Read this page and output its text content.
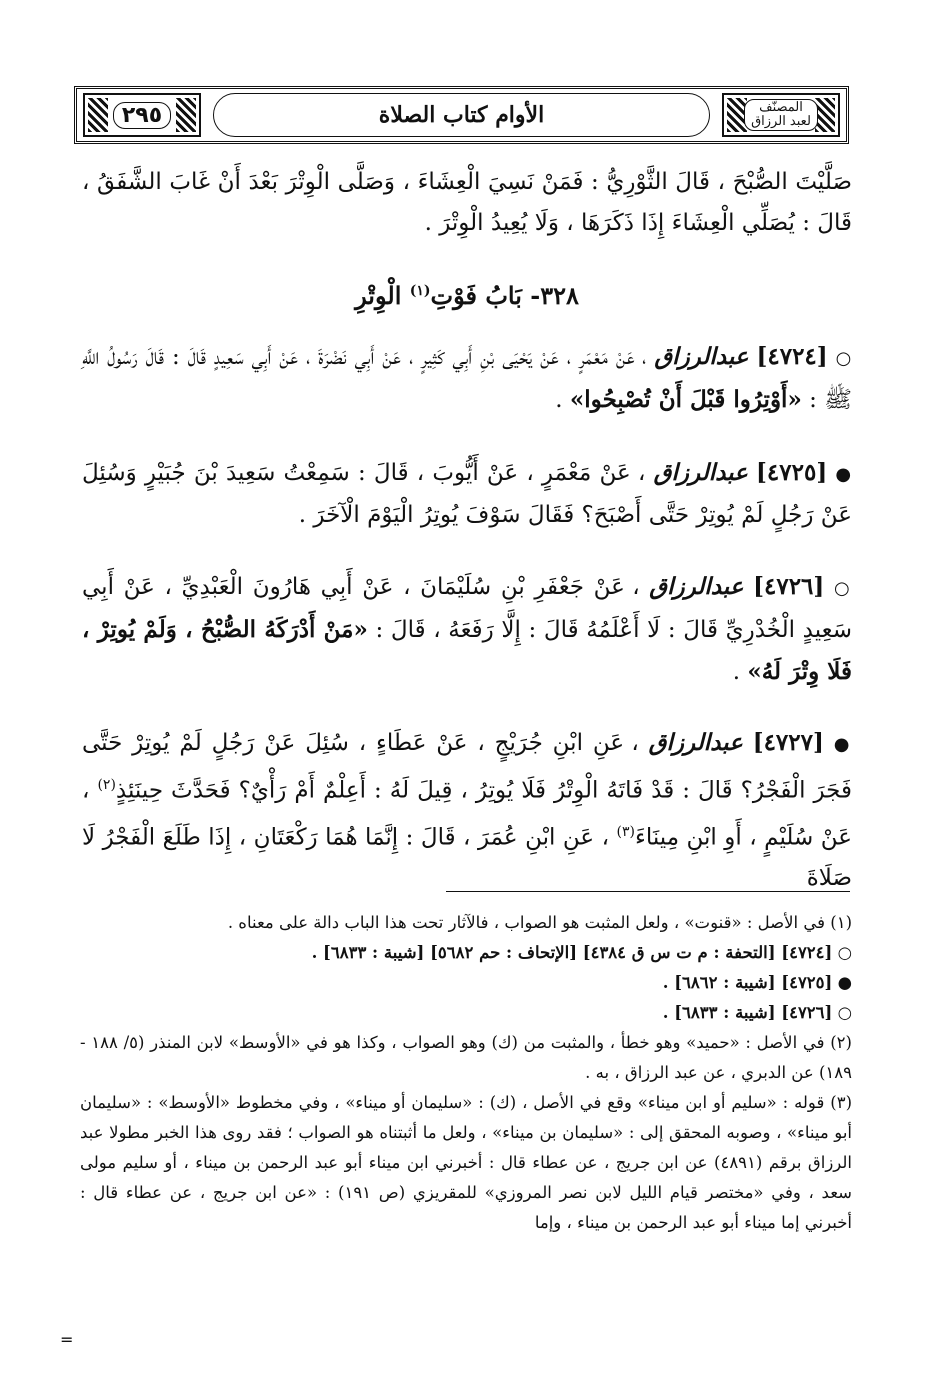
٢٩٥	الأوام كتاب الصلاة	المصنّف
لعبد الرزاق

صَلَّيْتَ الصُّبْحَ ، قَالَ الثَّوْرِيُّ : فَمَنْ نَسِيَ الْعِشَاءَ ، وَصَلَّى الْوِتْرَ بَعْدَ أَنْ غَابَ الشَّفَقُ ،

قَالَ : يُصَلِّي الْعِشَاءَ إِذَا ذَكَرَهَا ، وَلَا يُعِيدُ الْوِتْرَ .

٣٢٨- بَابُ فَوْتِ$^{(١)}$ الْوِتْرِ

○ [٤٧٢٤] عبدالرزاق ، عَنْ مَعْمَرٍ ، عَنْ يَحْيَى بْنِ أَبِي كَثِيرٍ ، عَنْ أَبِي نَضْرَةَ ، عَنْ أَبِي سَعِيدٍ قَالَ : قَالَ رَسُولُ اللَّهِ ﷺ : «أَوْتِرُوا قَبْلَ أَنْ تُصْبِحُوا» .

● [٤٧٢٥] عبدالرزاق ، عَنْ مَعْمَرٍ ، عَنْ أَيُّوبَ ، قَالَ : سَمِعْتُ سَعِيدَ بْنَ جُبَيْرٍ وَسُئِلَ عَنْ رَجُلٍ لَمْ يُوتِرْ حَتَّى أَصْبَحَ؟ فَقَالَ سَوْفَ يُوتِرُ الْيَوْمَ الْآخَرَ .

○ [٤٧٢٦] عبدالرزاق ، عَنْ جَعْفَرِ بْنِ سُلَيْمَانَ ، عَنْ أَبِي هَارُونَ الْعَبْدِيِّ ، عَنْ أَبِي سَعِيدٍ الْخُدْرِيِّ قَالَ : لَا أَعْلَمُهُ قَالَ : إِلَّا رَفَعَهُ ، قَالَ : «مَنْ أَدْرَكَهُ الصُّبْحُ ، وَلَمْ يُوتِرْ ، فَلَا وِتْرَ لَهُ» .

● [٤٧٢٧] عبدالرزاق ، عَنِ ابْنِ جُرَيْجٍ ، عَنْ عَطَاءٍ ، سُئِلَ عَنْ رَجُلٍ لَمْ يُوتِرْ حَتَّى فَجَرَ الْفَجْرُ؟ قَالَ : قَدْ فَاتَهُ الْوِتْرُ فَلَا يُوتِرُ ، قِيلَ لَهُ : أَعِلْمٌ أَمْ رَأْيٌ؟ فَحَدَّثَ حِينَئِذٍ$^{(٢)}$ ، عَنْ سُلَيْمٍ ، أَوِ ابْنِ مِينَاءَ$^{(٣)}$ ، عَنِ ابْنِ عُمَرَ ، قَالَ : إِنَّمَا هُمَا رَكْعَتَانِ ، إِذَا طَلَعَ الْفَجْرُ لَا صَلَاةَ

(١) في الأصل : «قنوت» ، ولعل المثبت هو الصواب ، فالآثار تحت هذا الباب دالة على معناه .

○ [٤٧٢٤] [التحفة : م ت س ق ٤٣٨٤] [الإتحاف : حم ٥٦٨٢] [شيبة : ٦٨٣٣] .

● [٤٧٢٥] [شيبة : ٦٨٦٢] .

○ [٤٧٢٦] [شيبة : ٦٨٣٣] .

(٢) في الأصل : «حميد» وهو خطأ ، والمثبت من (ك) وهو الصواب ، وكذا هو في «الأوسط» لابن المنذر (٥/ ١٨٨ - ١٨٩) عن الدبري ، عن عبد الرزاق ، به .

(٣) قوله : «سليم أو ابن ميناء» وقع في الأصل ، (ك) : «سليمان أو ميناء» ، وفي مخطوط «الأوسط» : «سليمان أبو ميناء» ، وصوبه المحقق إلى : «سليمان بن ميناء» ، ولعل ما أثبتناه هو الصواب ؛ فقد روى هذا الخبر مطولا عبد الرزاق برقم (٤٨٩١) عن ابن جريج ، عن عطاء قال : أخبرني ابن ميناء أبو عبد الرحمن بن ميناء ، أو سليم مولى سعد ، وفي «مختصر قيام الليل لابن نصر المروزي» للمقريزي (ص ١٩١) : «عن ابن جريج ، عن عطاء قال : أخبرني إما ميناء أبو عبد الرحمن بن ميناء ، وإما

=
